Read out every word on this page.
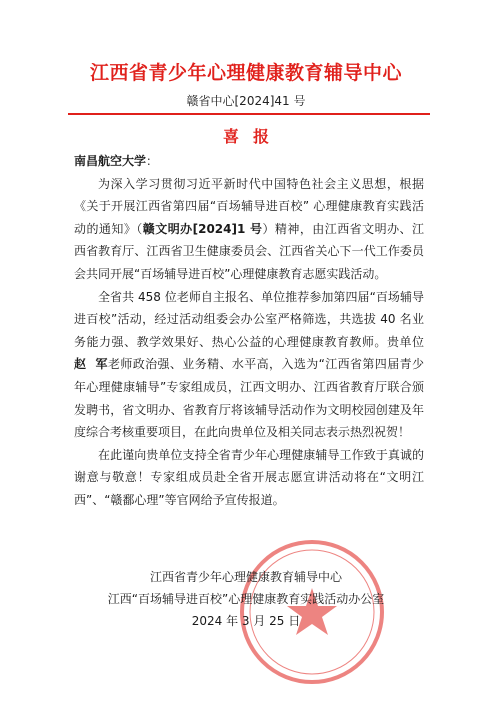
江西省青少年心理健康教育辅导中心
赣省中心[2024]41 号
喜报

南昌航空大学：

为深入学习贯彻习近平新时代中国特色社会主义思想，根据《关于开展江西省第四届“百场辅导进百校” 心理健康教育实践活动的通知》（赣文明办[2024]1 号）精神，由江西省文明办、江西省教育厅、江西省卫生健康委员会、江西省关心下一代工作委员会共同开展“百场辅导进百校”心理健康教育志愿实践活动。

全省共 458 位老师自主报名、单位推荐参加第四届“百场辅导进百校”活动，经过活动组委会办公室严格筛选，共选拔 40 名业务能力强、教学效果好、热心公益的心理健康教育教师。贵单位赵  军老师政治强、业务精、水平高，入选为“江西省第四届青少年心理健康辅导”专家组成员，江西文明办、江西省教育厅联合颁发聘书，省文明办、省教育厅将该辅导活动作为文明校园创建及年度综合考核重要项目，在此向贵单位及相关同志表示热烈祝贺！

在此谨向贵单位支持全省青少年心理健康辅导工作致于真诚的谢意与敬意！专家组成员赴全省开展志愿宣讲活动将在“文明江西”、“赣鄱心理”等官网给予宣传报道。

江西省青少年心理健康教育辅导中心
江西“百场辅导进百校”心理健康教育实践活动办公室
2024 年 3 月 25 日
